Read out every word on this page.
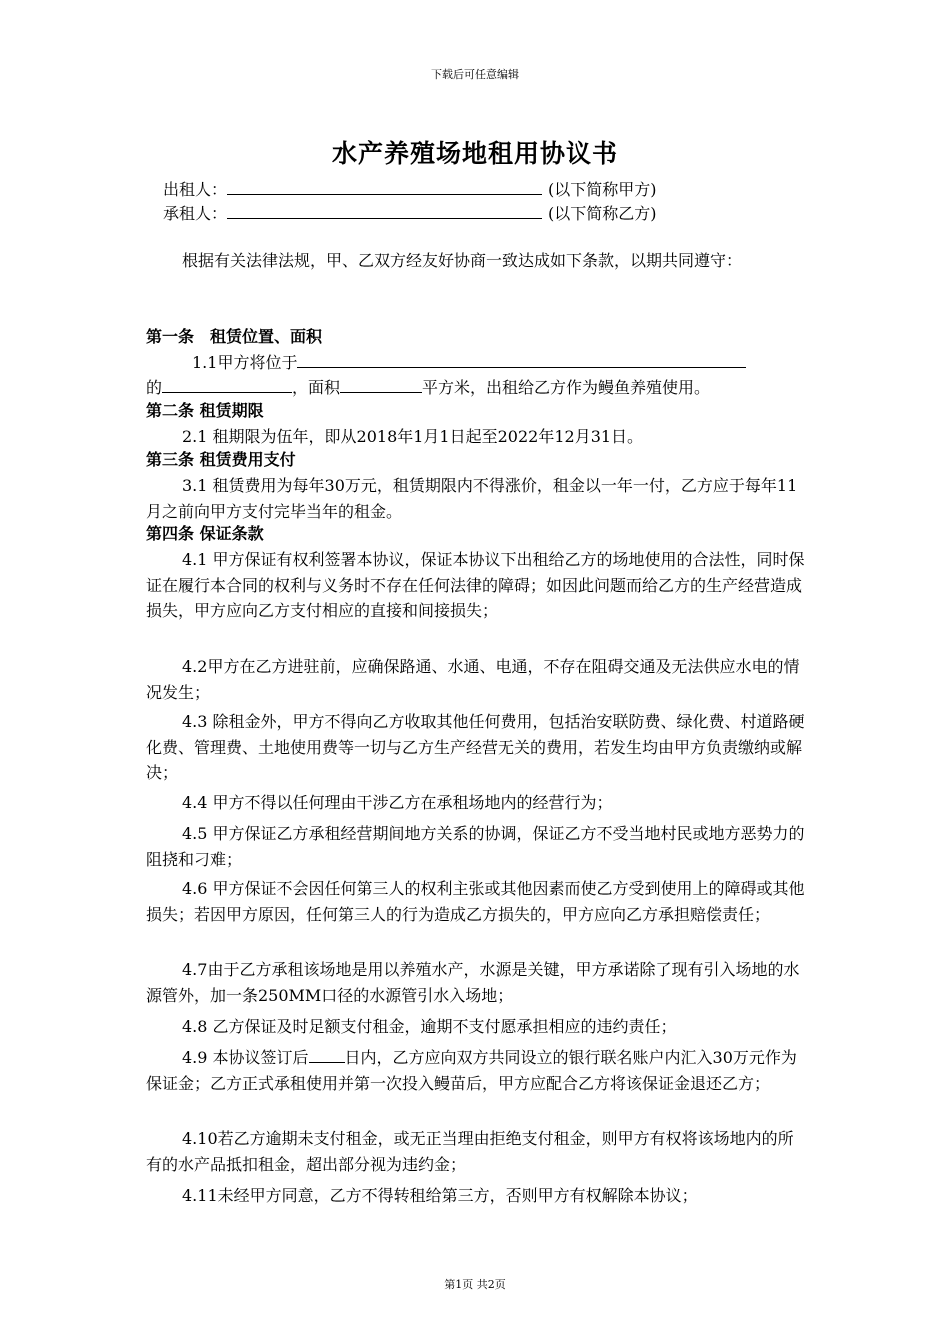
下载后可任意编辑
水产养殖场地租用协议书
出租人：	(以下简称甲方)
承租人：	(以下简称乙方)

根据有关法律法规，甲、乙双方经友好协商一致达成如下条款，以期共同遵守：

第一条　租赁位置、面积
1.1甲方将位于
的	，面积	平方米，出租给乙方作为鳗鱼养殖使用。
第二条 租赁期限

2.1 租期限为伍年，即从2018年1月1日起至2022年12月31日。

第三条 租赁费用支付

3.1 租赁费用为每年30万元，租赁期限内不得涨价，租金以一年一付，乙方应于每年11月之前向甲方支付完毕当年的租金。

第四条 保证条款

4.1 甲方保证有权利签署本协议，保证本协议下出租给乙方的场地使用的合法性，同时保证在履行本合同的权利与义务时不存在任何法律的障碍；如因此问题而给乙方的生产经营造成损失，甲方应向乙方支付相应的直接和间接损失；

4.2甲方在乙方进驻前，应确保路通、水通、电通，不存在阻碍交通及无法供应水电的情况发生；

4.3 除租金外，甲方不得向乙方收取其他任何费用，包括治安联防费、绿化费、村道路硬化费、管理费、土地使用费等一切与乙方生产经营无关的费用，若发生均由甲方负责缴纳或解决；

4.4 甲方不得以任何理由干涉乙方在承租场地内的经营行为；

4.5 甲方保证乙方承租经营期间地方关系的协调，保证乙方不受当地村民或地方恶势力的阻挠和刁难；

4.6 甲方保证不会因任何第三人的权利主张或其他因素而使乙方受到使用上的障碍或其他损失；若因甲方原因，任何第三人的行为造成乙方损失的，甲方应向乙方承担赔偿责任；

4.7由于乙方承租该场地是用以养殖水产，水源是关键，甲方承诺除了现有引入场地的水源管外，加一条250MM口径的水源管引水入场地；

4.8 乙方保证及时足额支付租金，逾期不支付愿承担相应的违约责任；

4.9 本协议签订后 日内，乙方应向双方共同设立的银行联名账户内汇入30万元作为保证金；乙方正式承租使用并第一次投入鳗苗后，甲方应配合乙方将该保证金退还乙方；

4.10若乙方逾期未支付租金，或无正当理由拒绝支付租金，则甲方有权将该场地内的所有的水产品抵扣租金，超出部分视为违约金；

4.11未经甲方同意，乙方不得转租给第三方，否则甲方有权解除本协议；

第1页 共2页
